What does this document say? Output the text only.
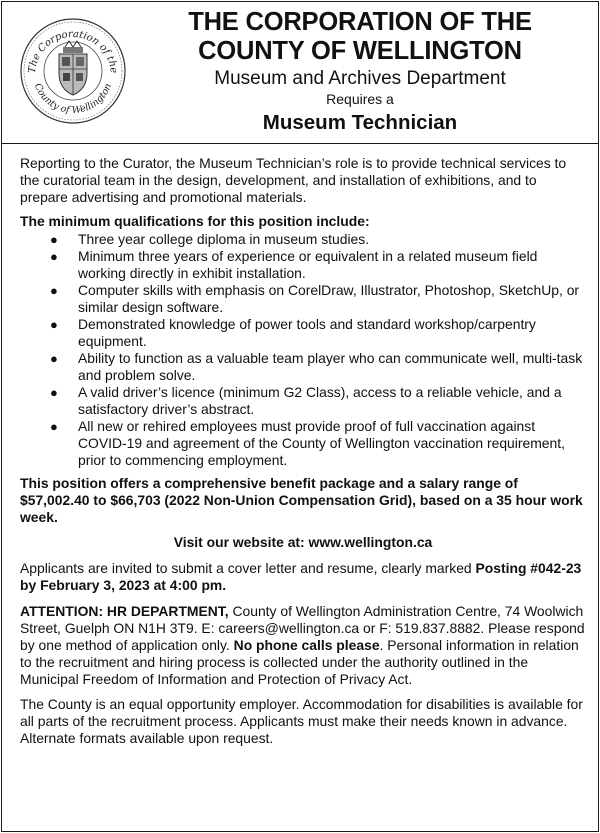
The Corporation of the
County of Wellington
THE CORPORATION OF THE
COUNTY OF WELLINGTON
Museum and Archives Department
Requires a
Museum Technician

Reporting to the Curator, the Museum Technician’s role is to provide technical services to the curatorial team in the design, development, and installation of exhibitions, and to prepare advertising and promotional materials.

The minimum qualifications for this position include:

● Three year college diploma in museum studies.
● Minimum three years of experience or equivalent in a related museum field working directly in exhibit installation.
● Computer skills with emphasis on CorelDraw, Illustrator, Photoshop, SketchUp, or similar design software.
● Demonstrated knowledge of power tools and standard workshop/carpentry equipment.
● Ability to function as a valuable team player who can communicate well, multi-task and problem solve.
● A valid driver’s licence (minimum G2 Class), access to a reliable vehicle, and a satisfactory driver’s abstract.
● All new or rehired employees must provide proof of full vaccination against COVID-19 and agreement of the County of Wellington vaccination requirement, prior to commencing employment.

This position offers a comprehensive benefit package and a salary range of $57,002.40 to $66,703 (2022 Non-Union Compensation Grid), based on a 35 hour work week.

Visit our website at: www.wellington.ca

Applicants are invited to submit a cover letter and resume, clearly marked Posting #042-23 by February 3, 2023 at 4:00 pm.

ATTENTION: HR DEPARTMENT, County of Wellington Administration Centre, 74 Woolwich Street, Guelph ON N1H 3T9. E: careers@wellington.ca or F: 519.837.8882. Please respond by one method of application only. No phone calls please. Personal information in relation to the recruitment and hiring process is collected under the authority outlined in the Municipal Freedom of Information and Protection of Privacy Act.

The County is an equal opportunity employer. Accommodation for disabilities is available for all parts of the recruitment process. Applicants must make their needs known in advance. Alternate formats available upon request.
